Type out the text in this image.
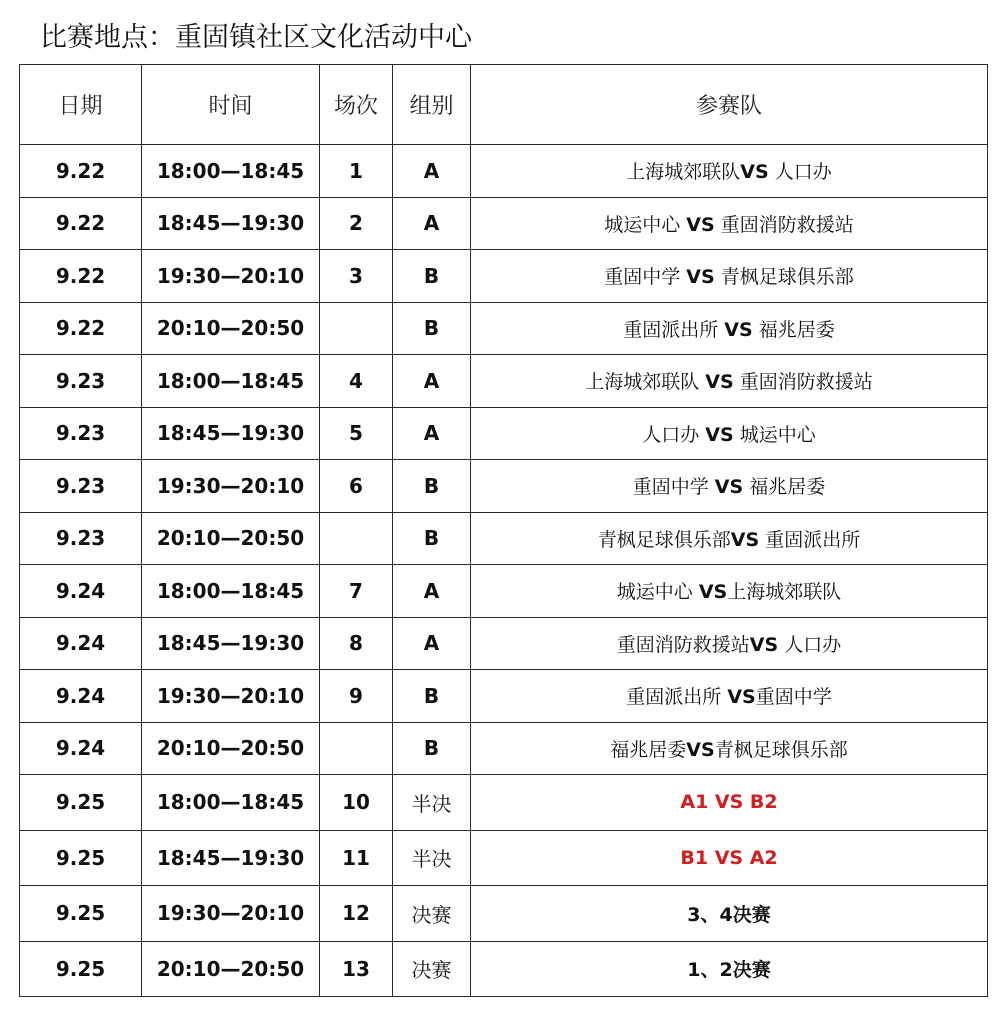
比赛地点：重固镇社区文化活动中心
日期	时间	场次	组别	参赛队
9.22	18:00—18:45	1	A	上海城郊联队VS 人口办
9.22	18:45—19:30	2	A	城运中心 VS 重固消防救援站
9.22	19:30—20:10	3	B	重固中学 VS 青枫足球俱乐部
9.22	20:10—20:50		B	重固派出所 VS 福兆居委
9.23	18:00—18:45	4	A	上海城郊联队 VS 重固消防救援站
9.23	18:45—19:30	5	A	人口办 VS 城运中心
9.23	19:30—20:10	6	B	重固中学 VS 福兆居委
9.23	20:10—20:50		B	青枫足球俱乐部VS 重固派出所
9.24	18:00—18:45	7	A	城运中心 VS上海城郊联队
9.24	18:45—19:30	8	A	重固消防救援站VS 人口办
9.24	19:30—20:10	9	B	重固派出所 VS重固中学
9.24	20:10—20:50		B	福兆居委VS青枫足球俱乐部
9.25	18:00—18:45	10	半决	A1 VS B2
9.25	18:45—19:30	11	半决	B1 VS A2
9.25	19:30—20:10	12	决赛	3、4决赛
9.25	20:10—20:50	13	决赛	1、2决赛
